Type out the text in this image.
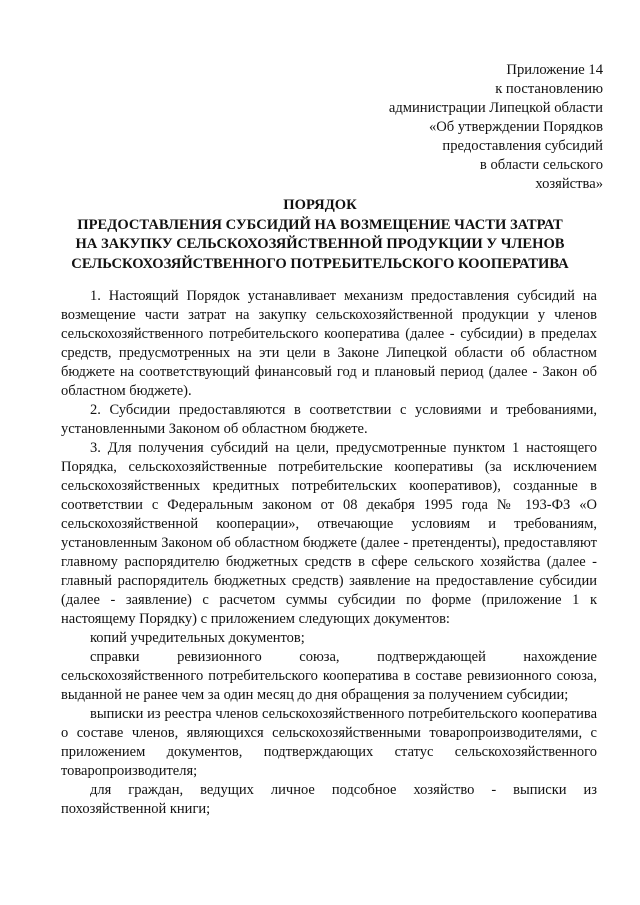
Приложение 14
к постановлению
администрации Липецкой области
«Об утверждении Порядков
предоставления субсидий
в области сельского
хозяйства»
ПОРЯДОК
ПРЕДОСТАВЛЕНИЯ СУБСИДИЙ НА ВОЗМЕЩЕНИЕ ЧАСТИ ЗАТРАТ
НА ЗАКУПКУ СЕЛЬСКОХОЗЯЙСТВЕННОЙ ПРОДУКЦИИ У ЧЛЕНОВ
СЕЛЬСКОХОЗЯЙСТВЕННОГО ПОТРЕБИТЕЛЬСКОГО КООПЕРАТИВА

1. Настоящий Порядок устанавливает механизм предоставления субсидий на возмещение части затрат на закупку сельскохозяйственной продукции у членов сельскохозяйственного потребительского кооператива (далее - субсидии) в пределах средств, предусмотренных на эти цели в Законе Липецкой области об областном бюджете на соответствующий финансовый год и плановый период (далее - Закон об областном бюджете).

2. Субсидии предоставляются в соответствии с условиями и требованиями, установленными Законом об областном бюджете.

3. Для получения субсидий на цели, предусмотренные пунктом 1 настоящего Порядка, сельскохозяйственные потребительские кооперативы (за исключением сельскохозяйственных кредитных потребительских кооперативов), созданные в соответствии с Федеральным законом от 08 декабря 1995 года № 193-ФЗ «О сельскохозяйственной кооперации», отвечающие условиям и требованиям, установленным Законом об областном бюджете (далее - претенденты), предоставляют главному распорядителю бюджетных средств в сфере сельского хозяйства (далее - главный распорядитель бюджетных средств) заявление на предоставление субсидии (далее - заявление) с расчетом суммы субсидии по форме (приложение 1 к настоящему Порядку) с приложением следующих документов:

копий учредительных документов;

справки ревизионного союза, подтверждающей нахождение сельскохозяйственного потребительского кооператива в составе ревизионного союза, выданной не ранее чем за один месяц до дня обращения за получением субсидии;

выписки из реестра членов сельскохозяйственного потребительского кооператива о составе членов, являющихся сельскохозяйственными товаропроизводителями, с приложением документов, подтверждающих статус сельскохозяйственного товаропроизводителя;

для граждан, ведущих личное подсобное хозяйство - выписки из похозяйственной книги;
